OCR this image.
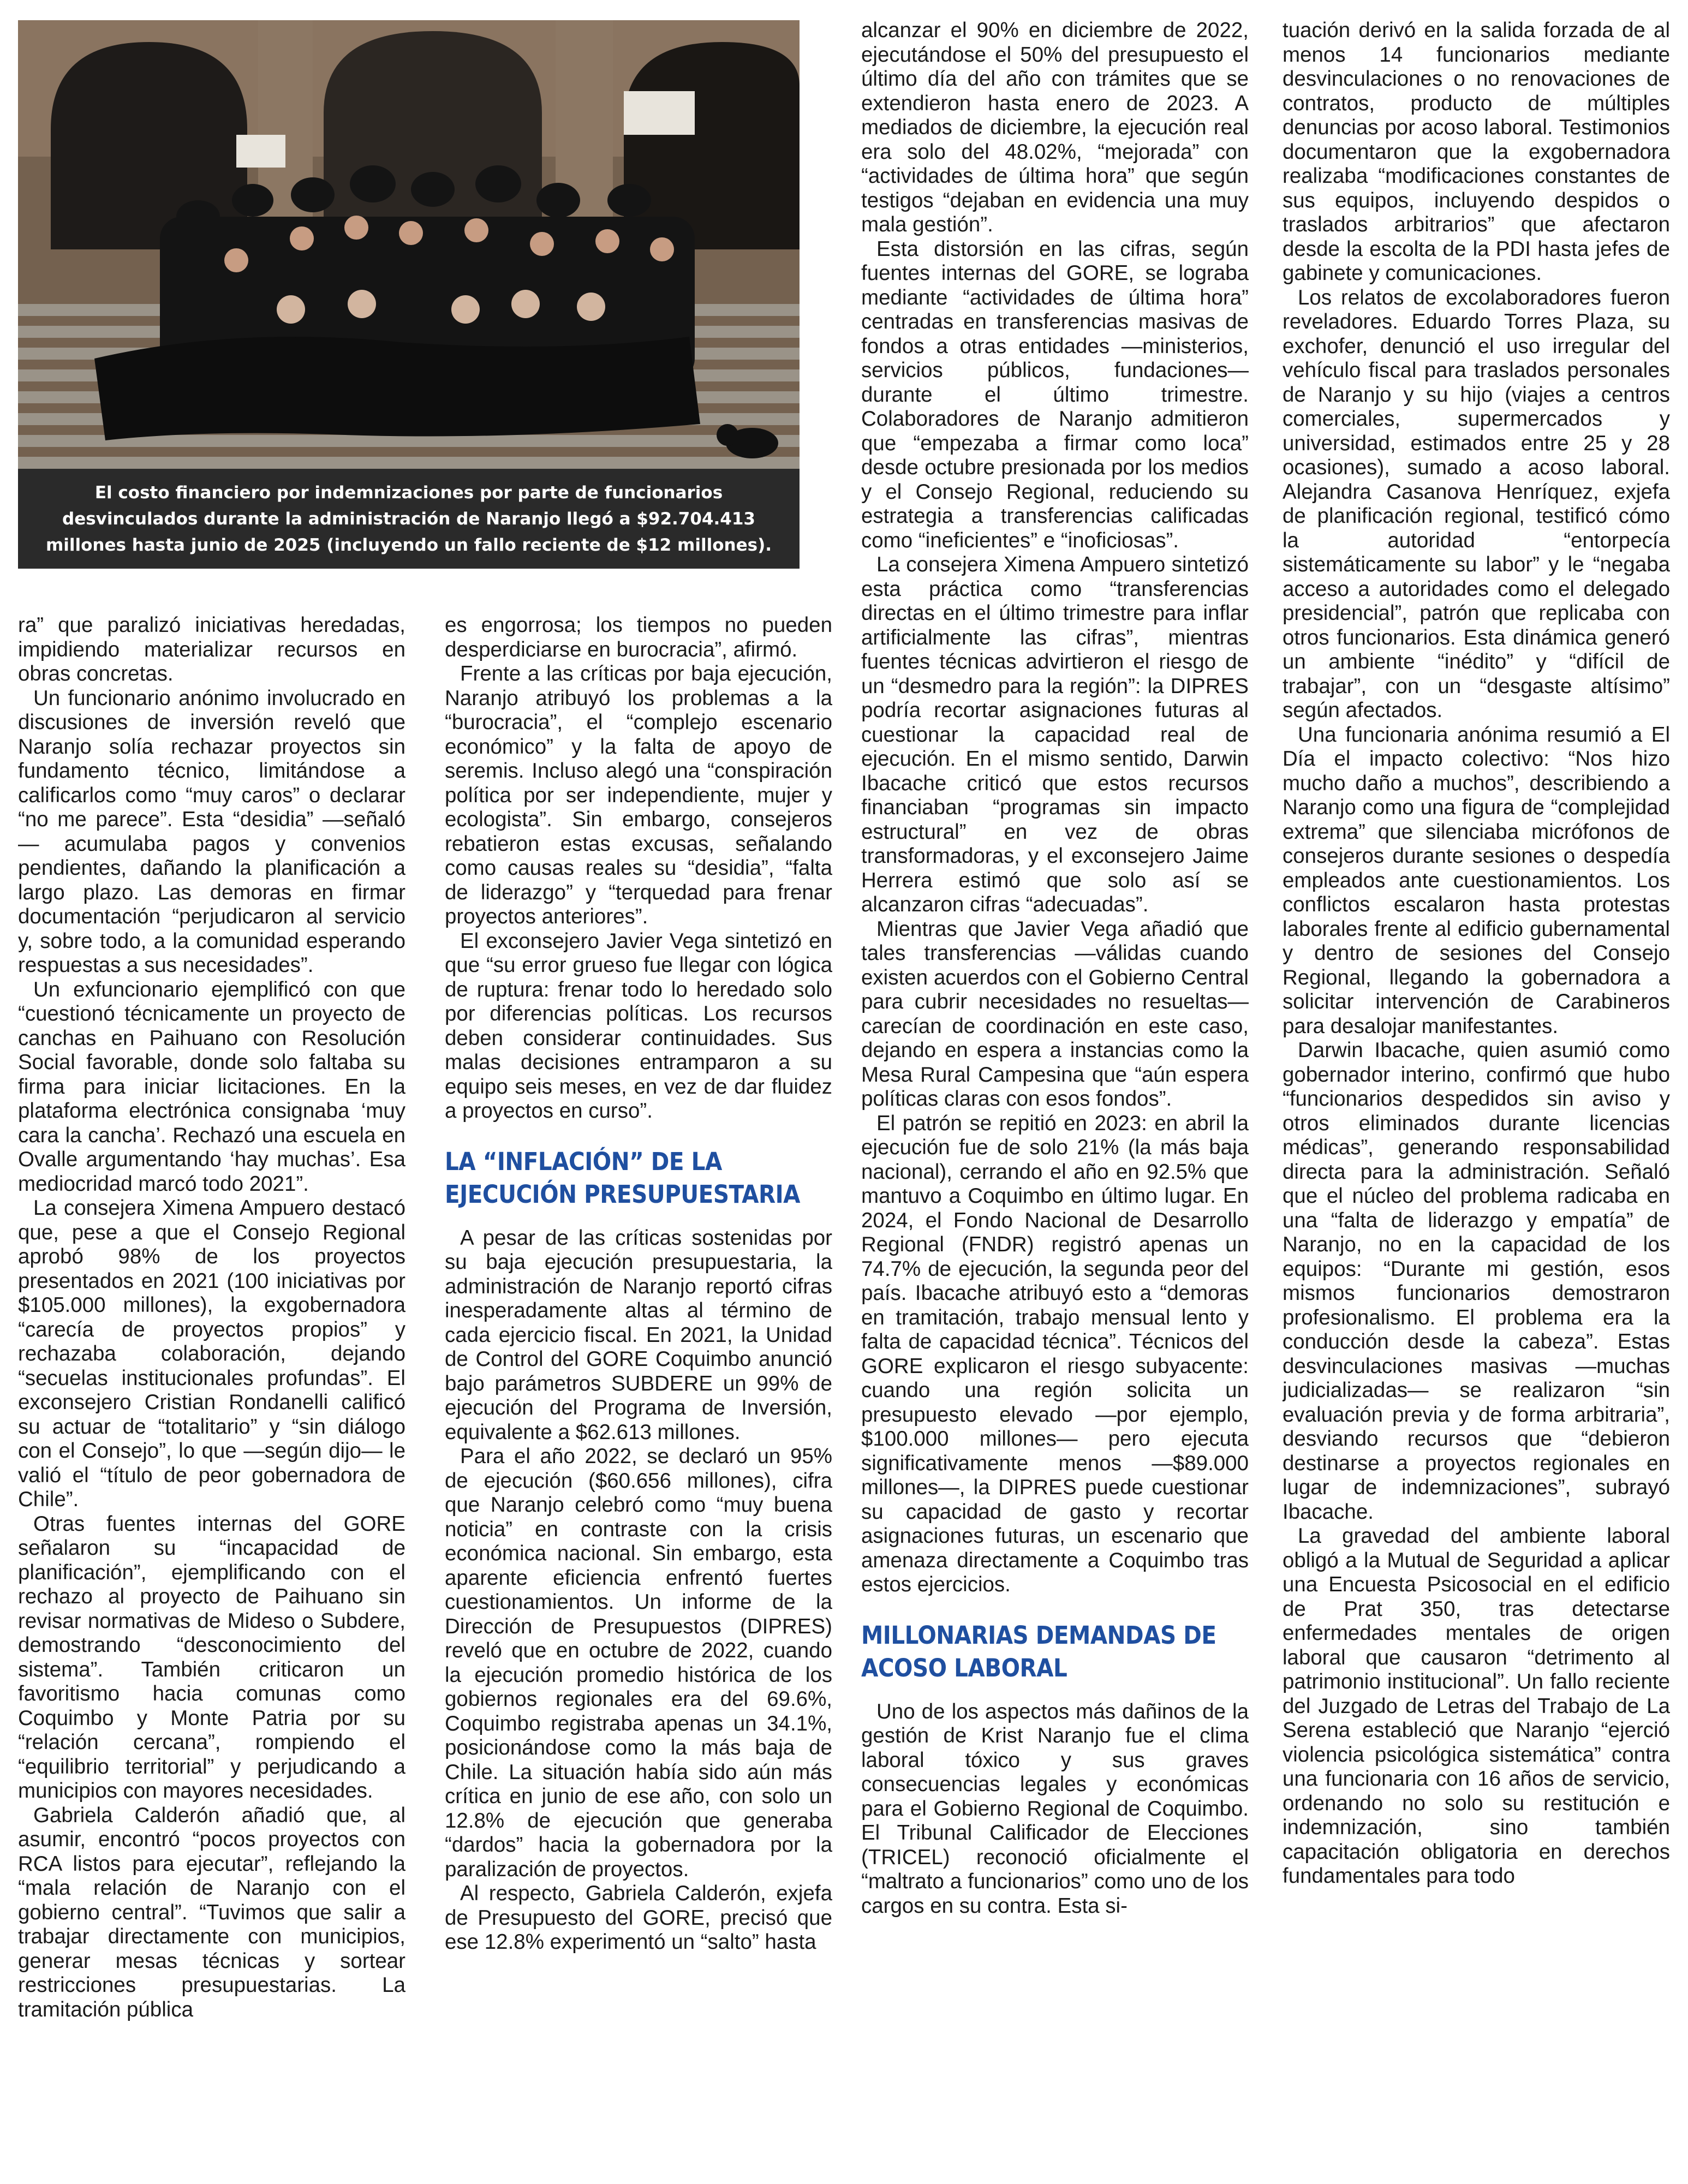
El costo financiero por indemnizaciones por parte de funcionarios desvinculados durante la administración de Naranjo llegó a $92.704.413 millones hasta junio de 2025 (incluyendo un fallo reciente de $12 millones).

ra” que paralizó iniciativas heredadas, impidiendo materializar recursos en obras concretas.

Un funcionario anónimo involucrado en discusiones de inversión reveló que Naranjo solía rechazar proyectos sin fundamento técnico, limitándose a calificarlos como “muy caros” o declarar “no me parece”. Esta “desidia” —señaló— acumulaba pagos y convenios pendientes, dañando la planificación a largo plazo. Las demoras en firmar documentación “perjudicaron al servicio y, sobre todo, a la comunidad esperando respuestas a sus necesidades”.

Un exfuncionario ejemplificó con que “cuestionó técnicamente un proyecto de canchas en Paihuano con Resolución Social favorable, donde solo faltaba su firma para iniciar licitaciones. En la plataforma electrónica consignaba ‘muy cara la cancha’. Rechazó una escuela en Ovalle argumentando ‘hay muchas’. Esa mediocridad marcó todo 2021”.

La consejera Ximena Ampuero destacó que, pese a que el Consejo Regional aprobó 98% de los proyectos presentados en 2021 (100 iniciativas por $105.000 millones), la exgobernadora “carecía de proyectos propios” y rechazaba colaboración, dejando “secuelas institucionales profundas”. El exconsejero Cristian Rondanelli calificó su actuar de “totalitario” y “sin diálogo con el Consejo”, lo que —según dijo— le valió el “título de peor gobernadora de Chile”.

Otras fuentes internas del GORE señalaron su “incapacidad de planificación”, ejemplificando con el rechazo al proyecto de Paihuano sin revisar normativas de Mideso o Subdere, demostrando “desconocimiento del sistema”. También criticaron un favoritismo hacia comunas como Coquimbo y Monte Patria por su “relación cercana”, rompiendo el “equilibrio territorial” y perjudicando a municipios con mayores necesidades.

Gabriela Calderón añadió que, al asumir, encontró “pocos proyectos con RCA listos para ejecutar”, reflejando la “mala relación de Naranjo con el gobierno central”. “Tuvimos que salir a trabajar directamente con municipios, generar mesas técnicas y sortear restricciones presupuestarias. La tramitación pública

es engorrosa; los tiempos no pueden desperdiciarse en burocracia”, afirmó.

Frente a las críticas por baja ejecución, Naranjo atribuyó los problemas a la “burocracia”, el “complejo escenario económico” y la falta de apoyo de seremis. Incluso alegó una “conspiración política por ser independiente, mujer y ecologista”. Sin embargo, consejeros rebatieron estas excusas, señalando como causas reales su “desidia”, “falta de liderazgo” y “terquedad para frenar proyectos anteriores”.

El exconsejero Javier Vega sintetizó en que “su error grueso fue llegar con lógica de ruptura: frenar todo lo heredado solo por diferencias políticas. Los recursos deben considerar continuidades. Sus malas decisiones entramparon a su equipo seis meses, en vez de dar fluidez a proyectos en curso”.

LA “INFLACIÓN” DE LA EJECUCIÓN PRESUPUESTARIA

A pesar de las críticas sostenidas por su baja ejecución presupuestaria, la administración de Naranjo reportó cifras inesperadamente altas al término de cada ejercicio fiscal. En 2021, la Unidad de Control del GORE Coquimbo anunció bajo parámetros SUBDERE un 99% de ejecución del Programa de Inversión, equivalente a $62.613 millones.

Para el año 2022, se declaró un 95% de ejecución ($60.656 millones), cifra que Naranjo celebró como “muy buena noticia” en contraste con la crisis económica nacional. Sin embargo, esta aparente eficiencia enfrentó fuertes cuestionamientos. Un informe de la Dirección de Presupuestos (DIPRES) reveló que en octubre de 2022, cuando la ejecución promedio histórica de los gobiernos regionales era del 69.6%, Coquimbo registraba apenas un 34.1%, posicionándose como la más baja de Chile. La situación había sido aún más crítica en junio de ese año, con solo un 12.8% de ejecución que generaba “dardos” hacia la gobernadora por la paralización de proyectos.

Al respecto, Gabriela Calderón, exjefa de Presupuesto del GORE, precisó que ese 12.8% experimentó un “salto” hasta

alcanzar el 90% en diciembre de 2022, ejecutándose el 50% del presupuesto el último día del año con trámites que se extendieron hasta enero de 2023. A mediados de diciembre, la ejecución real era solo del 48.02%, “mejorada” con “actividades de última hora” que según testigos “dejaban en evidencia una muy mala gestión”.

Esta distorsión en las cifras, según fuentes internas del GORE, se lograba mediante “actividades de última hora” centradas en transferencias masivas de fondos a otras entidades —ministerios, servicios públicos, fundaciones— durante el último trimestre. Colaboradores de Naranjo admitieron que “empezaba a firmar como loca” desde octubre presionada por los medios y el Consejo Regional, reduciendo su estrategia a transferencias calificadas como “ineficientes” e “inoficiosas”.

La consejera Ximena Ampuero sintetizó esta práctica como “transferencias directas en el último trimestre para inflar artificialmente las cifras”, mientras fuentes técnicas advirtieron el riesgo de un “desmedro para la región”: la DIPRES podría recortar asignaciones futuras al cuestionar la capacidad real de ejecución. En el mismo sentido, Darwin Ibacache criticó que estos recursos financiaban “programas sin impacto estructural” en vez de obras transformadoras, y el exconsejero Jaime Herrera estimó que solo así se alcanzaron cifras “adecuadas”.

Mientras que Javier Vega añadió que tales transferencias —válidas cuando existen acuerdos con el Gobierno Central para cubrir necesidades no resueltas— carecían de coordinación en este caso, dejando en espera a instancias como la Mesa Rural Campesina que “aún espera políticas claras con esos fondos”.

El patrón se repitió en 2023: en abril la ejecución fue de solo 21% (la más baja nacional), cerrando el año en 92.5% que mantuvo a Coquimbo en último lugar. En 2024, el Fondo Nacional de Desarrollo Regional (FNDR) registró apenas un 74.7% de ejecución, la segunda peor del país. Ibacache atribuyó esto a “demoras en tramitación, trabajo mensual lento y falta de capacidad técnica”. Técnicos del GORE explicaron el riesgo subyacente: cuando una región solicita un presupuesto elevado —por ejemplo, $100.000 millones— pero ejecuta significativamente menos —$89.000 millones—, la DIPRES puede cuestionar su capacidad de gasto y recortar asignaciones futuras, un escenario que amenaza directamente a Coquimbo tras estos ejercicios.

MILLONARIAS DEMANDAS DE ACOSO LABORAL

Uno de los aspectos más dañinos de la gestión de Krist Naranjo fue el clima laboral tóxico y sus graves consecuencias legales y económicas para el Gobierno Regional de Coquimbo. El Tribunal Calificador de Elecciones (TRICEL) reconoció oficialmente el “maltrato a funcionarios” como uno de los cargos en su contra. Esta si-

tuación derivó en la salida forzada de al menos 14 funcionarios mediante desvinculaciones o no renovaciones de contratos, producto de múltiples denuncias por acoso laboral. Testimonios documentaron que la exgobernadora realizaba “modificaciones constantes de sus equipos, incluyendo despidos o traslados arbitrarios” que afectaron desde la escolta de la PDI hasta jefes de gabinete y comunicaciones.

Los relatos de excolaboradores fueron reveladores. Eduardo Torres Plaza, su exchofer, denunció el uso irregular del vehículo fiscal para traslados personales de Naranjo y su hijo (viajes a centros comerciales, supermercados y universidad, estimados entre 25 y 28 ocasiones), sumado a acoso laboral. Alejandra Casanova Henríquez, exjefa de planificación regional, testificó cómo la autoridad “entorpecía sistemáticamente su labor” y le “negaba acceso a autoridades como el delegado presidencial”, patrón que replicaba con otros funcionarios. Esta dinámica generó un ambiente “inédito” y “difícil de trabajar”, con un “desgaste altísimo” según afectados.

Una funcionaria anónima resumió a El Día el impacto colectivo: “Nos hizo mucho daño a muchos”, describiendo a Naranjo como una figura de “complejidad extrema” que silenciaba micrófonos de consejeros durante sesiones o despedía empleados ante cuestionamientos. Los conflictos escalaron hasta protestas laborales frente al edificio gubernamental y dentro de sesiones del Consejo Regional, llegando la gobernadora a solicitar intervención de Carabineros para desalojar manifestantes.

Darwin Ibacache, quien asumió como gobernador interino, confirmó que hubo “funcionarios despedidos sin aviso y otros eliminados durante licencias médicas”, generando responsabilidad directa para la administración. Señaló que el núcleo del problema radicaba en una “falta de liderazgo y empatía” de Naranjo, no en la capacidad de los equipos: “Durante mi gestión, esos mismos funcionarios demostraron profesionalismo. El problema era la conducción desde la cabeza”. Estas desvinculaciones masivas —muchas judicializadas— se realizaron “sin evaluación previa y de forma arbitraria”, desviando recursos que “debieron destinarse a proyectos regionales en lugar de indemnizaciones”, subrayó Ibacache.

La gravedad del ambiente laboral obligó a la Mutual de Seguridad a aplicar una Encuesta Psicosocial en el edificio de Prat 350, tras detectarse enfermedades mentales de origen laboral que causaron “detrimento al patrimonio institucional”. Un fallo reciente del Juzgado de Letras del Trabajo de La Serena estableció que Naranjo “ejerció violencia psicológica sistemática” contra una funcionaria con 16 años de servicio, ordenando no solo su restitución e indemnización, sino también capacitación obligatoria en derechos fundamentales para todo
